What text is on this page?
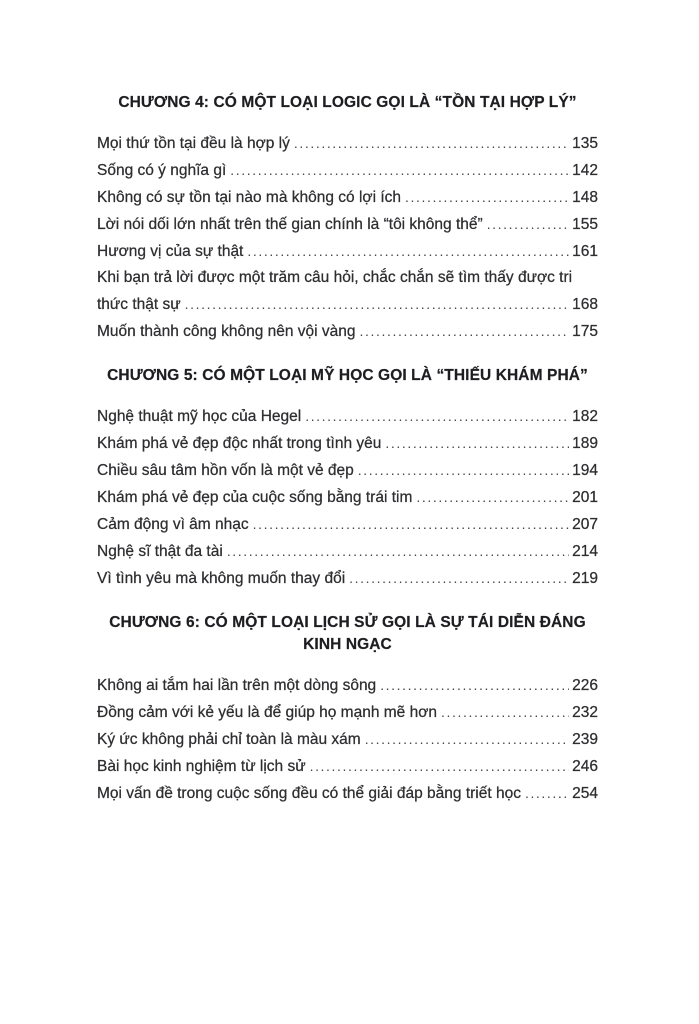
CHƯƠNG 4: CÓ MỘT LOẠI LOGIC GỌI LÀ “TỒN TẠI HỢP LÝ”
Mọi thứ tồn tại đều là hợp lý .....	135
Sống có ý nghĩa gì .....	142
Không có sự tồn tại nào mà không có lợi ích .....	148
Lời nói dối lớn nhất trên thế gian chính là “tôi không thể” .....	155
Hương vị của sự thật .....	161
Khi bạn trả lời được một trăm câu hỏi, chắc chắn sẽ tìm thấy được tri
thức thật sự .....	168
Muốn thành công không nên vội vàng .....	175
CHƯƠNG 5: CÓ MỘT LOẠI MỸ HỌC GỌI LÀ “THIẾU KHÁM PHÁ”
Nghệ thuật mỹ học của Hegel .....	182
Khám phá vẻ đẹp độc nhất trong tình yêu .....	189
Chiều sâu tâm hồn vốn là một vẻ đẹp .....	194
Khám phá vẻ đẹp của cuộc sống bằng trái tim .....	201
Cảm động vì âm nhạc .....	207
Nghệ sĩ thật đa tài .....	214
Vì tình yêu mà không muốn thay đổi .....	219
CHƯƠNG 6: CÓ MỘT LOẠI LỊCH SỬ GỌI LÀ SỰ TÁI DIỄN ĐÁNG KINH NGẠC
Không ai tắm hai lần trên một dòng sông .....	226
Đồng cảm với kẻ yếu là để giúp họ mạnh mẽ hơn .....	232
Ký ức không phải chỉ toàn là màu xám .....	239
Bài học kinh nghiệm từ lịch sử .....	246
Mọi vấn đề trong cuộc sống đều có thể giải đáp bằng triết học .....	254
